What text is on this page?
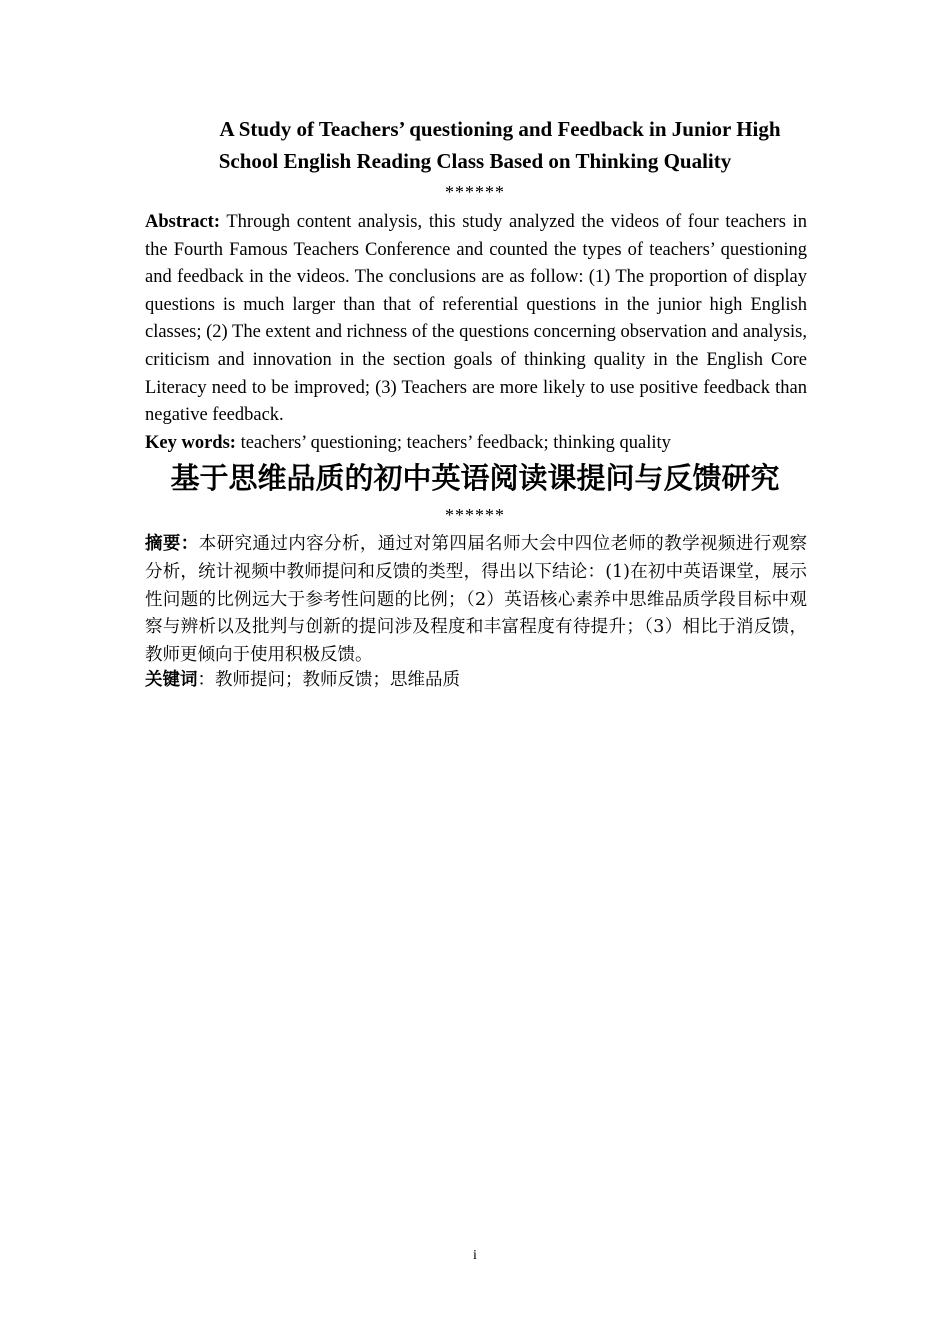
A Study of Teachers’ questioning and Feedback in Junior High
School English Reading Class Based on Thinking Quality
******
Abstract: Through content analysis, this study analyzed the videos of four teachers in the Fourth Famous Teachers Conference and counted the types of teachers’ questioning and feedback in the videos. The conclusions are as follow: (1) The proportion of display questions is much larger than that of referential questions in the junior high English classes; (2) The extent and richness of the questions concerning observation and analysis, criticism and innovation in the section goals of thinking quality in the English Core Literacy need to be improved; (3) Teachers are more likely to use positive feedback than negative feedback.
Key words: teachers’ questioning; teachers’ feedback; thinking quality
基于思维品质的初中英语阅读课提问与反馈研究
******
摘要：本研究通过内容分析，通过对第四届名师大会中四位老师的教学视频进行观察分析，统计视频中教师提问和反馈的类型，得出以下结论：(1)在初中英语课堂，展示性问题的比例远大于参考性问题的比例；（2）英语核心素养中思维品质学段目标中观察与辨析以及批判与创新的提问涉及程度和丰富程度有待提升；（3）相比于消反馈，教师更倾向于使用积极反馈。
关键词：教师提问；教师反馈；思维品质
i
